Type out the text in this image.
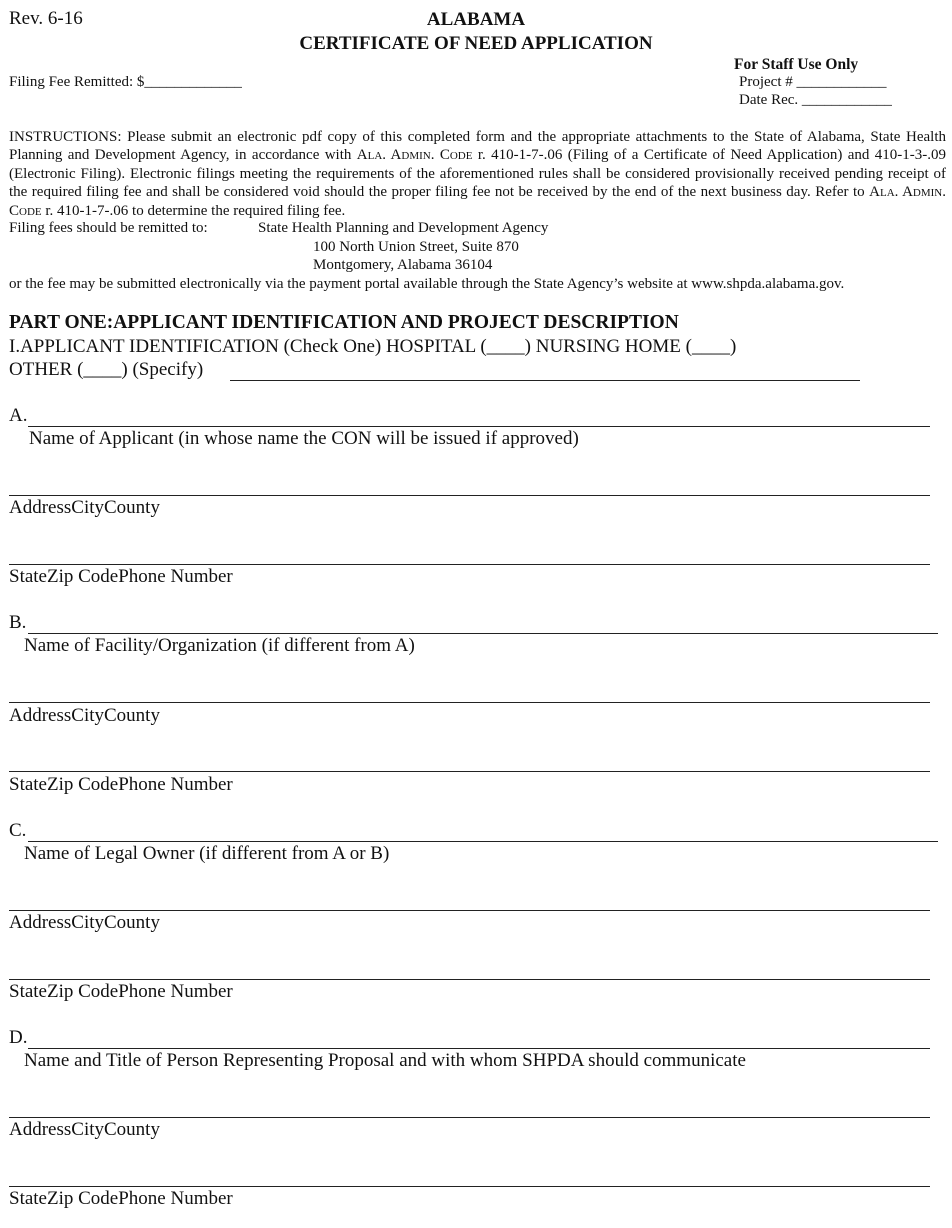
Rev. 6-16	ALABAMA
CERTIFICATE OF NEED APPLICATION
Filing Fee Remitted: $_____________
For Staff Use Only
Project # ____________
Date Rec. ____________
INSTRUCTIONS: Please submit an electronic pdf copy of this completed form and the appropriate attachments to the State of Alabama, State Health Planning and Development Agency, in accordance with Ala. Admin. Code r. 410-1-7-.06 (Filing of a Certificate of Need Application) and 410-1-3-.09 (Electronic Filing). Electronic filings meeting the requirements of the aforementioned rules shall be considered provisionally received pending receipt of the required filing fee and shall be considered void should the proper filing fee not be received by the end of the next business day. Refer to Ala. Admin. Code r. 410-1-7-.06 to determine the required filing fee.
Filing fees should be remitted to:	State Health Planning and Development Agency
100 North Union Street, Suite 870
Montgomery, Alabama 36104
or the fee may be submitted electronically via the payment portal available through the State Agency’s website at www.shpda.alabama.gov.
PART ONE:APPLICANT IDENTIFICATION AND PROJECT DESCRIPTION
I.APPLICANT IDENTIFICATION (Check One) HOSPITAL (____) NURSING HOME (____)
OTHER (____) (Specify)
A.
Name of Applicant (in whose name the CON will be issued if approved)
AddressCityCounty
StateZip CodePhone Number
B.
Name of Facility/Organization (if different from A)
AddressCityCounty
StateZip CodePhone Number
C.
Name of Legal Owner (if different from A or B)
AddressCityCounty
StateZip CodePhone Number
D.
Name and Title of Person Representing Proposal and with whom SHPDA should communicate
AddressCityCounty
StateZip CodePhone Number
